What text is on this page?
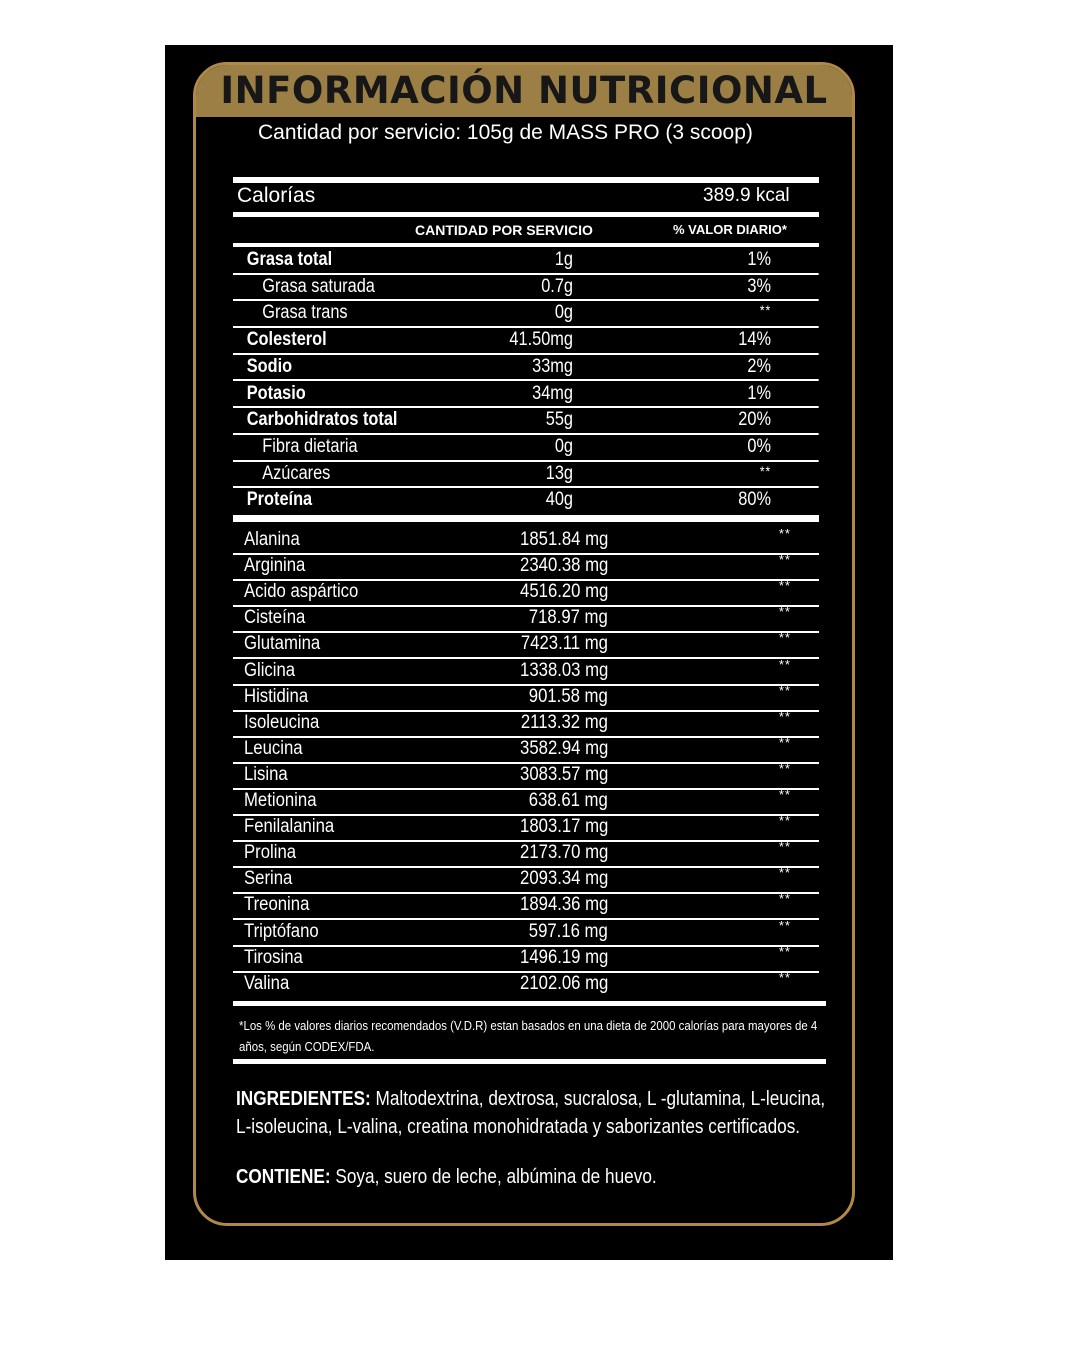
INFORMACIÓN NUTRICIONAL
Cantidad por servicio: 105g de MASS PRO (3 scoop)
Calorías	389.9 kcal
CANTIDAD POR SERVICIO	% VALOR DIARIO*
Grasa total	1g	1%
Grasa saturada	0.7g	3%
Grasa trans	0g	**
Colesterol	41.50mg	14%
Sodio	33mg	2%
Potasio	34mg	1%
Carbohidratos total	55g	20%
Fibra dietaria	0g	0%
Azúcares	13g	**
Proteína	40g	80%
Alanina	1851.84 mg	**
Arginina	2340.38 mg	**
Acido aspártico	4516.20 mg	**
Cisteína	718.97 mg	**
Glutamina	7423.11 mg	**
Glicina	1338.03 mg	**
Histidina	901.58 mg	**
Isoleucina	2113.32 mg	**
Leucina	3582.94 mg	**
Lisina	3083.57 mg	**
Metionina	638.61 mg	**
Fenilalanina	1803.17 mg	**
Prolina	2173.70 mg	**
Serina	2093.34 mg	**
Treonina	1894.36 mg	**
Triptófano	597.16 mg	**
Tirosina	1496.19 mg	**
Valina	2102.06 mg	**
*Los % de valores diarios recomendados (V.D.R) estan basados en una dieta de 2000 calorías para mayores de 4 años, según CODEX/FDA.
INGREDIENTES: Maltodextrina, dextrosa, sucralosa, L -glutamina, L-leucina, L-isoleucina, L-valina, creatina monohidratada y saborizantes certificados.
CONTIENE: Soya, suero de leche, albúmina de huevo.
